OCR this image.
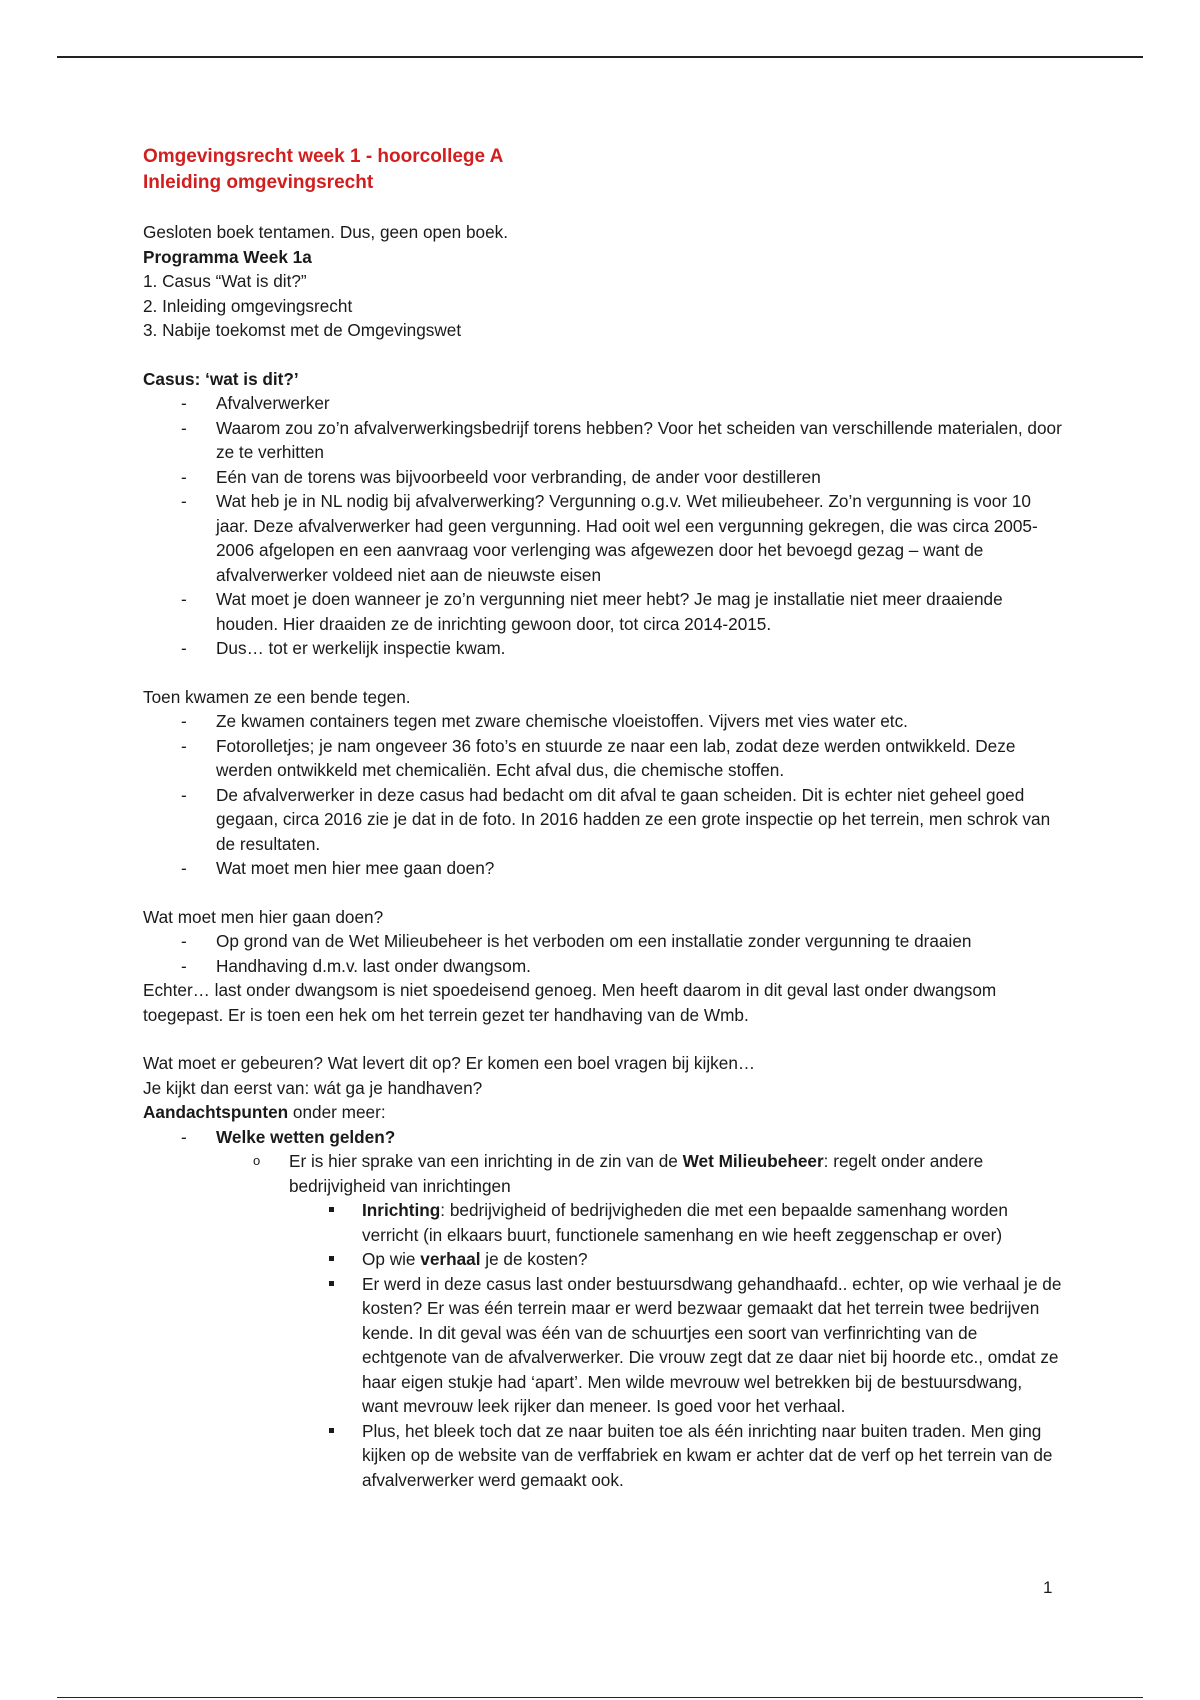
Omgevingsrecht week 1 - hoorcollege A

Inleiding omgevingsrecht

Gesloten boek tentamen. Dus, geen open boek.

Programma Week 1a

1. Casus “Wat is dit?”

2. Inleiding omgevingsrecht

3. Nabije toekomst met de Omgevingswet

Casus: ‘wat is dit?’

- Afvalverwerker
- Waarom zou zo’n afvalverwerkingsbedrijf torens hebben? Voor het scheiden van verschillende materialen, door ze te verhitten
- Eén van de torens was bijvoorbeeld voor verbranding, de ander voor destilleren
- Wat heb je in NL nodig bij afvalverwerking? Vergunning o.g.v. Wet milieubeheer. Zo’n vergunning is voor 10 jaar. Deze afvalverwerker had geen vergunning. Had ooit wel een vergunning gekregen, die was circa 2005-2006 afgelopen en een aanvraag voor verlenging was afgewezen door het bevoegd gezag – want de afvalverwerker voldeed niet aan de nieuwste eisen
- Wat moet je doen wanneer je zo’n vergunning niet meer hebt? Je mag je installatie niet meer draaiende houden. Hier draaiden ze de inrichting gewoon door, tot circa 2014-2015.
- Dus… tot er werkelijk inspectie kwam.

Toen kwamen ze een bende tegen.

- Ze kwamen containers tegen met zware chemische vloeistoffen. Vijvers met vies water etc.
- Fotorolletjes; je nam ongeveer 36 foto’s en stuurde ze naar een lab, zodat deze werden ontwikkeld. Deze werden ontwikkeld met chemicaliën. Echt afval dus, die chemische stoffen.
- De afvalverwerker in deze casus had bedacht om dit afval te gaan scheiden. Dit is echter niet geheel goed gegaan, circa 2016 zie je dat in de foto. In 2016 hadden ze een grote inspectie op het terrein, men schrok van de resultaten.
- Wat moet men hier mee gaan doen?

Wat moet men hier gaan doen?

- Op grond van de Wet Milieubeheer is het verboden om een installatie zonder vergunning te draaien
- Handhaving d.m.v. last onder dwangsom.

Echter… last onder dwangsom is niet spoedeisend genoeg. Men heeft daarom in dit geval last onder dwangsom toegepast. Er is toen een hek om het terrein gezet ter handhaving van de Wmb.

Wat moet er gebeuren? Wat levert dit op? Er komen een boel vragen bij kijken…

Je kijkt dan eerst van: wát ga je handhaven?

Aandachtspunten onder meer:

- Welke wetten gelden?
o Er is hier sprake van een inrichting in de zin van de Wet Milieubeheer: regelt onder andere bedrijvigheid van inrichtingen
Inrichting: bedrijvigheid of bedrijvigheden die met een bepaalde samenhang worden verricht (in elkaars buurt, functionele samenhang en wie heeft zeggenschap er over)
Op wie verhaal je de kosten?
Er werd in deze casus last onder bestuursdwang gehandhaafd.. echter, op wie verhaal je de kosten? Er was één terrein maar er werd bezwaar gemaakt dat het terrein twee bedrijven kende. In dit geval was één van de schuurtjes een soort van verfinrichting van de echtgenote van de afvalverwerker. Die vrouw zegt dat ze daar niet bij hoorde etc., omdat ze haar eigen stukje had ‘apart’. Men wilde mevrouw wel betrekken bij de bestuursdwang, want mevrouw leek rijker dan meneer. Is goed voor het verhaal.
Plus, het bleek toch dat ze naar buiten toe als één inrichting naar buiten traden. Men ging kijken op de website van de verffabriek en kwam er achter dat de verf op het terrein van de afvalverwerker werd gemaakt ook.
1
